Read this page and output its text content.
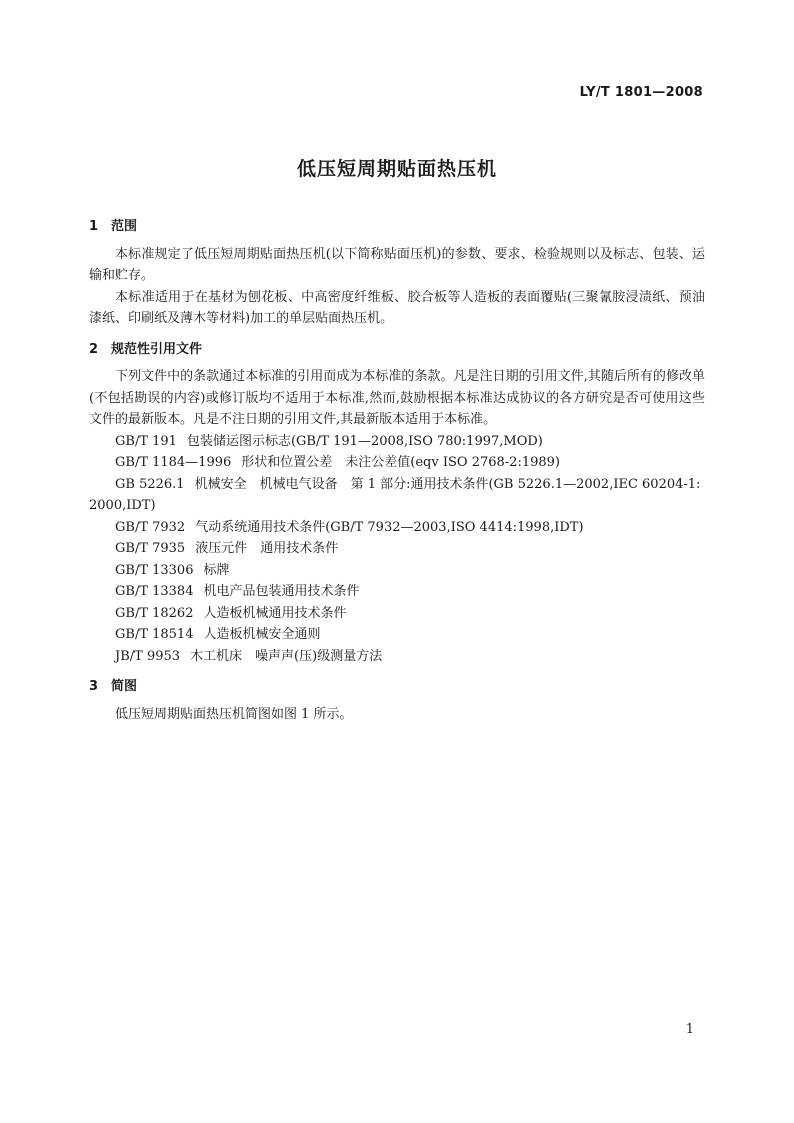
LY/T 1801—2008
低压短周期贴面热压机
1 范围

本标准规定了低压短周期贴面热压机(以下简称贴面压机)的参数、要求、检验规则以及标志、包装、运输和贮存。

本标准适用于在基材为刨花板、中高密度纤维板、胶合板等人造板的表面覆贴(三聚氰胺浸渍纸、预油漆纸、印刷纸及薄木等材料)加工的单层贴面热压机。

2 规范性引用文件

下列文件中的条款通过本标准的引用而成为本标准的条款。凡是注日期的引用文件,其随后所有的修改单(不包括勘误的内容)或修订版均不适用于本标准,然而,鼓励根据本标准达成协议的各方研究是否可使用这些文件的最新版本。凡是不注日期的引用文件,其最新版本适用于本标准。

GB/T 191 包装储运图示标志(GB/T 191—2008,ISO 780:1997,MOD)
GB/T 1184—1996 形状和位置公差　未注公差值(eqv ISO 2768-2:1989)
GB 5226.1 机械安全　机械电气设备　第 1 部分:通用技术条件(GB 5226.1—2002,IEC 60204-1:2000,IDT)
GB/T 7932 气动系统通用技术条件(GB/T 7932—2003,ISO 4414:1998,IDT)
GB/T 7935 液压元件　通用技术条件
GB/T 13306 标牌
GB/T 13384 机电产品包装通用技术条件
GB/T 18262 人造板机械通用技术条件
GB/T 18514 人造板机械安全通则
JB/T 9953 木工机床　噪声声(压)级测量方法
3 简图

低压短周期贴面热压机简图如图 1 所示。

1
